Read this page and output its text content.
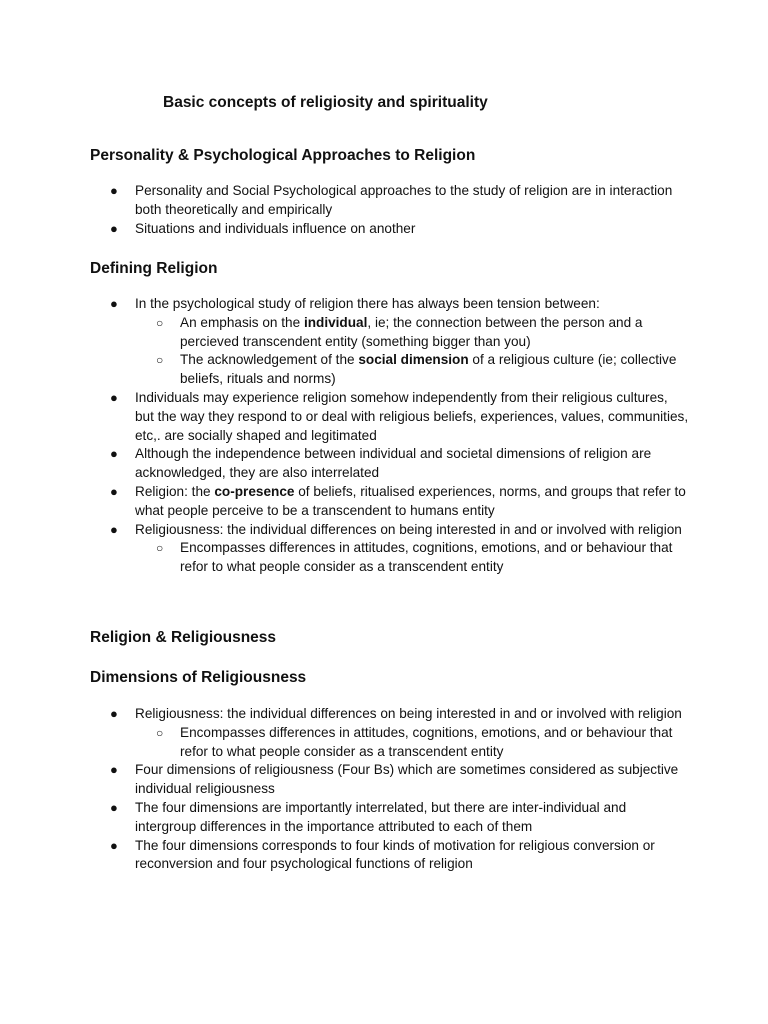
Basic concepts of religiosity and spirituality
Personality & Psychological Approaches to Religion
● Personality and Social Psychological approaches to the study of religion are in interaction both theoretically and empirically
● Situations and individuals influence on another
Defining Religion
● In the psychological study of religion there has always been tension between:
○ An emphasis on the individual, ie; the connection between the person and a percieved transcendent entity (something bigger than you)
○ The acknowledgement of the social dimension of a religious culture (ie; collective beliefs, rituals and norms)
● Individuals may experience religion somehow independently from their religious cultures, but the way they respond to or deal with religious beliefs, experiences, values, communities, etc,. are socially shaped and legitimated
● Although the independence between individual and societal dimensions of religion are acknowledged, they are also interrelated
● Religion: the co-presence of beliefs, ritualised experiences, norms, and groups that refer to what people perceive to be a transcendent to humans entity
● Religiousness: the individual differences on being interested in and or involved with religion
○ Encompasses differences in attitudes, cognitions, emotions, and or behaviour that refor to what people consider as a transcendent entity
Religion & Religiousness
Dimensions of Religiousness
● Religiousness: the individual differences on being interested in and or involved with religion
○ Encompasses differences in attitudes, cognitions, emotions, and or behaviour that refor to what people consider as a transcendent entity
● Four dimensions of religiousness (Four Bs) which are sometimes considered as subjective individual religiousness
● The four dimensions are importantly interrelated, but there are inter-individual and intergroup differences in the importance attributed to each of them
● The four dimensions corresponds to four kinds of motivation for religious conversion or reconversion and four psychological functions of religion
